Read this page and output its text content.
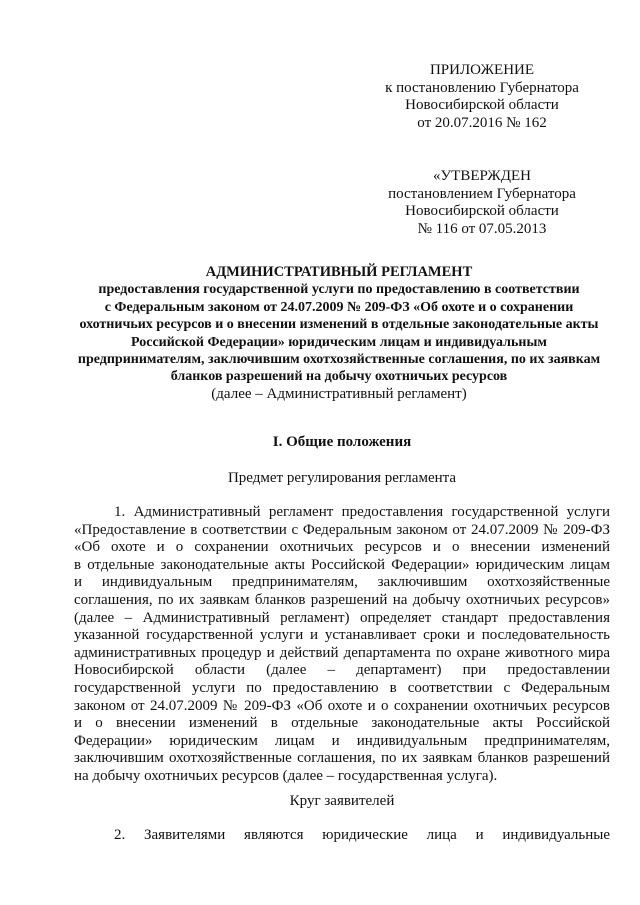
ПРИЛОЖЕНИЕ
к постановлению Губернатора
Новосибирской области
от 20.07.2016 № 162
«УТВЕРЖДЕН
постановлением Губернатора
Новосибирской области
№ 116 от 07.05.2013
АДМИНИСТРАТИВНЫЙ РЕГЛАМЕНТ
предоставления государственной услуги по предоставлению в соответствии
с Федеральным законом от 24.07.2009 № 209-ФЗ «Об охоте и о сохранении
охотничьих ресурсов и о внесении изменений в отдельные законодательные акты
Российской Федерации» юридическим лицам и индивидуальным
предпринимателям, заключившим охотхозяйственные соглашения, по их заявкам
бланков разрешений на добычу охотничьих ресурсов
(далее – Административный регламент)
I. Общие положения
Предмет регулирования регламента
1. Административный регламент предоставления государственной услуги
«Предоставление в соответствии с Федеральным законом от 24.07.2009 № 209-ФЗ
«Об охоте и о сохранении охотничьих ресурсов и о внесении изменений
в отдельные законодательные акты Российской Федерации» юридическим лицам
и индивидуальным предпринимателям, заключившим охотхозяйственные
соглашения, по их заявкам бланков разрешений на добычу охотничьих ресурсов»
(далее – Административный регламент) определяет стандарт предоставления
указанной государственной услуги и устанавливает сроки и последовательность
административных процедур и действий департамента по охране животного мира
Новосибирской области (далее – департамент) при предоставлении
государственной услуги по предоставлению в соответствии с Федеральным
законом от 24.07.2009 № 209-ФЗ «Об охоте и о сохранении охотничьих ресурсов
и о внесении изменений в отдельные законодательные акты Российской
Федерации» юридическим лицам и индивидуальным предпринимателям,
заключившим охотхозяйственные соглашения, по их заявкам бланков разрешений
на добычу охотничьих ресурсов (далее – государственная услуга).
Круг заявителей
2. Заявителями являются юридические лица и индивидуальные
